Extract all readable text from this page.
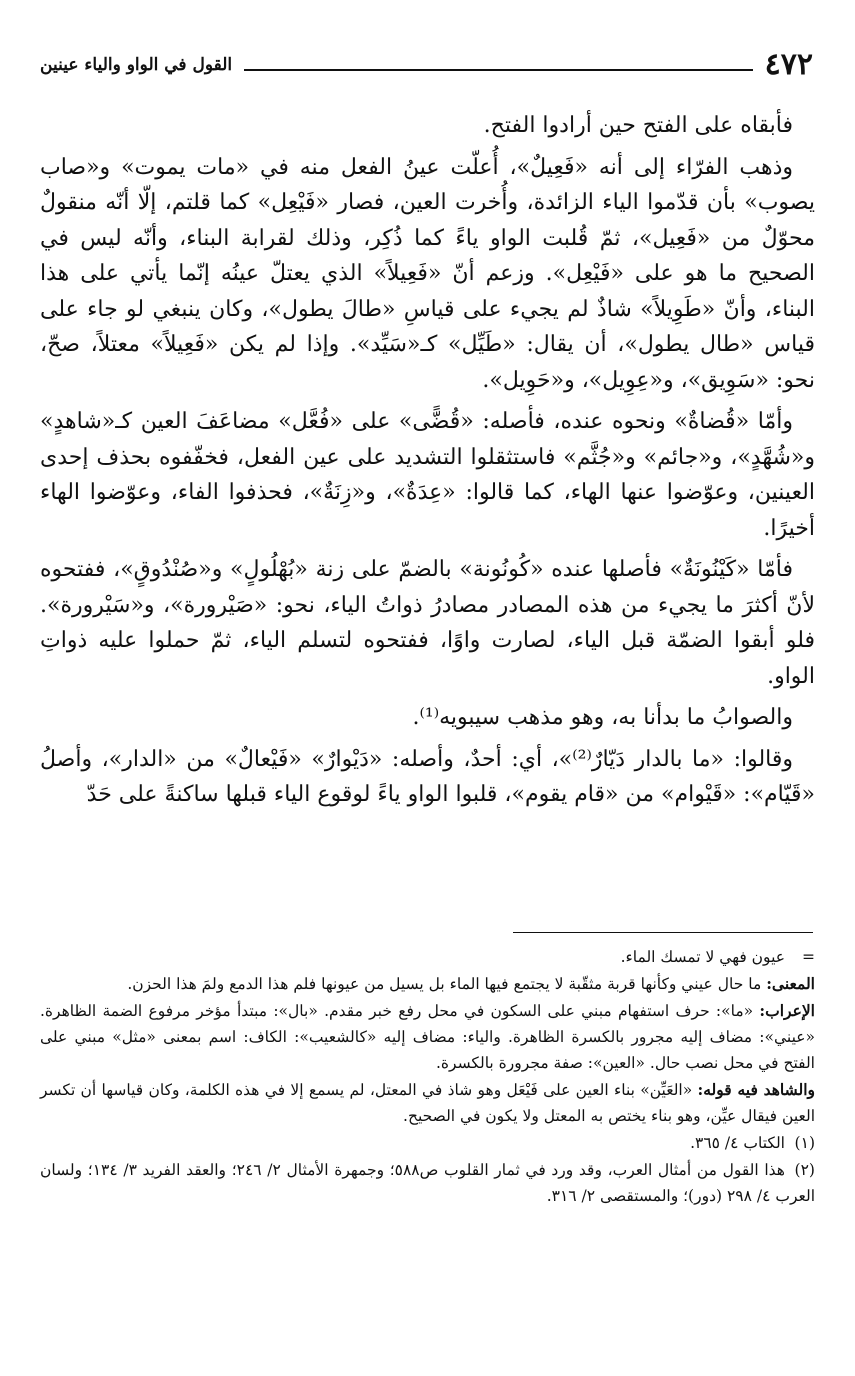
٤٧٢
القول في الواو والياء عينين

فأبقاه على الفتح حين أرادوا الفتح.

وذهب الفرّاء إلى أنه «فَعِيلٌ»، أُعلّت عينُ الفعل منه في «مات يموت» و«صاب يصوب» بأن قدّموا الياء الزائدة، وأُخرت العين، فصار «فَيْعِل» كما قلتم، إلّا أنّه منقولٌ محوّلٌ من «فَعِيل»، ثمّ قُلبت الواو ياءً كما ذُكِر، وذلك لقرابة البناء، وأنّه ليس في الصحيح ما هو على «فَيْعِل». وزعم أنّ «فَعِيلاً» الذي يعتلّ عينُه إنّما يأتي على هذا البناء، وأنّ «طَوِيلاً» شاذٌ لم يجيء على قياسِ «طالَ يطول»، وكان ينبغي لو جاء على قياس «طال يطول»، أن يقال: «طَيِّل» كـ«سَيِّد». وإذا لم يكن «فَعِيلاً» معتلاً، صحّ، نحو: «سَوِيق»، و«عِوِيل»، و«حَوِيل».

وأمّا «قُضاةٌ» ونحوه عنده، فأصله: «قُضًّى» على «فُعَّل» مضاعَفَ العين كـ«شاهدٍ» و«شُهَّدٍ»، و«جائم» و«جُثَّم» فاستثقلوا التشديد على عين الفعل، فخفّفوه بحذف إحدى العينين، وعوّضوا عنها الهاء، كما قالوا: «عِدَةٌ»، و«زِنَةٌ»، فحذفوا الفاء، وعوّضوا الهاء أخيرًا.

فأمّا «كَيْنُونَةٌ» فأصلها عنده «كُونُونة» بالضمّ على زنة «بُهْلُولٍ» و«صُنْدُوقٍ»، ففتحوه لأنّ أكثرَ ما يجيء من هذه المصادر مصادرُ ذواتُ الياء، نحو: «صَيْرورة»، و«سَيْرورة». فلو أبقوا الضمّة قبل الياء، لصارت واوًا، ففتحوه لتسلم الياء، ثمّ حملوا عليه ذواتِ الواو.

والصوابُ ما بدأنا به، وهو مذهب سيبويه⁽¹⁾.

وقالوا: «ما بالدار دَيّارٌ⁽²⁾»، أي: أحدٌ، وأصله: «دَيْوارٌ» «فَيْعالٌ» من «الدار»، وأصلُ «قَيّام»: «قَيْوام» من «قام يقوم»، قلبوا الواو ياءً لوقوع الياء قبلها ساكنةً على حَدّ

=عيون فهي لا تمسك الماء.
المعنى: ما حال عيني وكأنها قربة مثقّبة لا يجتمع فيها الماء بل يسيل من عيونها فلم هذا الدمع ولمَ هذا الحزن.
الإعراب: «ما»: حرف استفهام مبني على السكون في محل رفع خبر مقدم. «بال»: مبتدأ مؤخر مرفوع الضمة الظاهرة. «عيني»: مضاف إليه مجرور بالكسرة الظاهرة. والياء: مضاف إليه «كالشعيب»: الكاف: اسم بمعنى «مثل» مبني على الفتح في محل نصب حال. «العين»: صفة مجرورة بالكسرة.
والشاهد فيه قوله: «العَيِّن» بناء العين على فَيْعَل وهو شاذ في المعتل، لم يسمع إلا في هذه الكلمة، وكان قياسها أن تكسر العين فيقال عيِّن، وهو بناء يختص به المعتل ولا يكون في الصحيح.
(١)الكتاب ٤/ ٣٦٥.
(٢)هذا القول من أمثال العرب، وقد ورد في ثمار القلوب ص٥٨٨؛ وجمهرة الأمثال ٢/ ٢٤٦؛ والعقد الفريد ٣/ ١٣٤؛ ولسان العرب ٤/ ٢٩٨ (دور)؛ والمستقصى ٢/ ٣١٦.
